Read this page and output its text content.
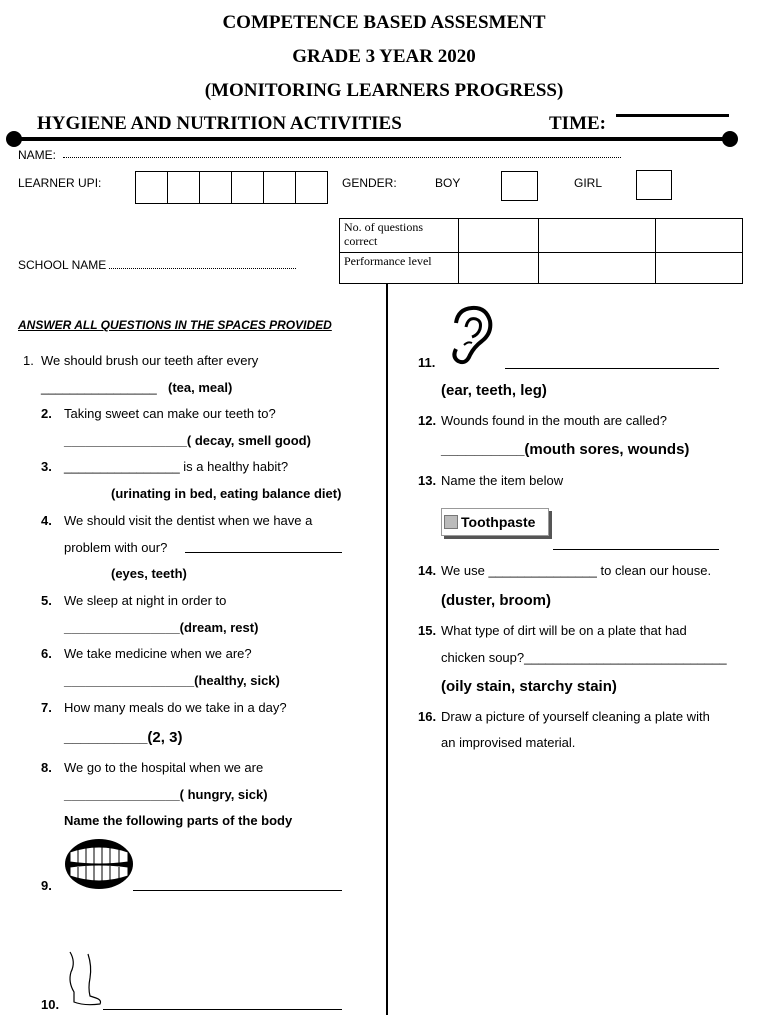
COMPETENCE BASED ASSESMENT
GRADE 3 YEAR 2020
(MONITORING LEARNERS PROGRESS)
HYGIENE AND NUTRITION ACTIVITIES	TIME:
NAME:
LEARNER UPI:	GENDER:	BOY	GIRL
No. of questions correct			
Performance level			
SCHOOL NAME
ANSWER ALL QUESTIONS IN THE SPACES PROVIDED
1. We should brush our teeth after every
________________ (tea, meal)
2. Taking sweet can make our teeth to?
_________________( decay, smell good)
3. ________________ is a healthy habit?
(urinating in bed, eating balance diet)
4. We should visit the dentist when we have a
problem with our?
(eyes, teeth)
5. We sleep at night in order to
________________(dream, rest)
6. We take medicine when we are?
__________________(healthy, sick)
7. How many meals do we take in a day?
__________(2, 3)
8. We go to the hospital when we are
________________( hungry, sick)
Name the following parts of the body
9.
10.
11.
(ear, teeth, leg)
12. Wounds found in the mouth are called?
__________(mouth sores, wounds)
13. Name the item below
Toothpaste
14. We use _______________ to clean our house.
(duster, broom)
15. What type of dirt will be on a plate that had
chicken soup?____________________________
(oily stain, starchy stain)
16. Draw a picture of yourself cleaning a plate with
an improvised material.
